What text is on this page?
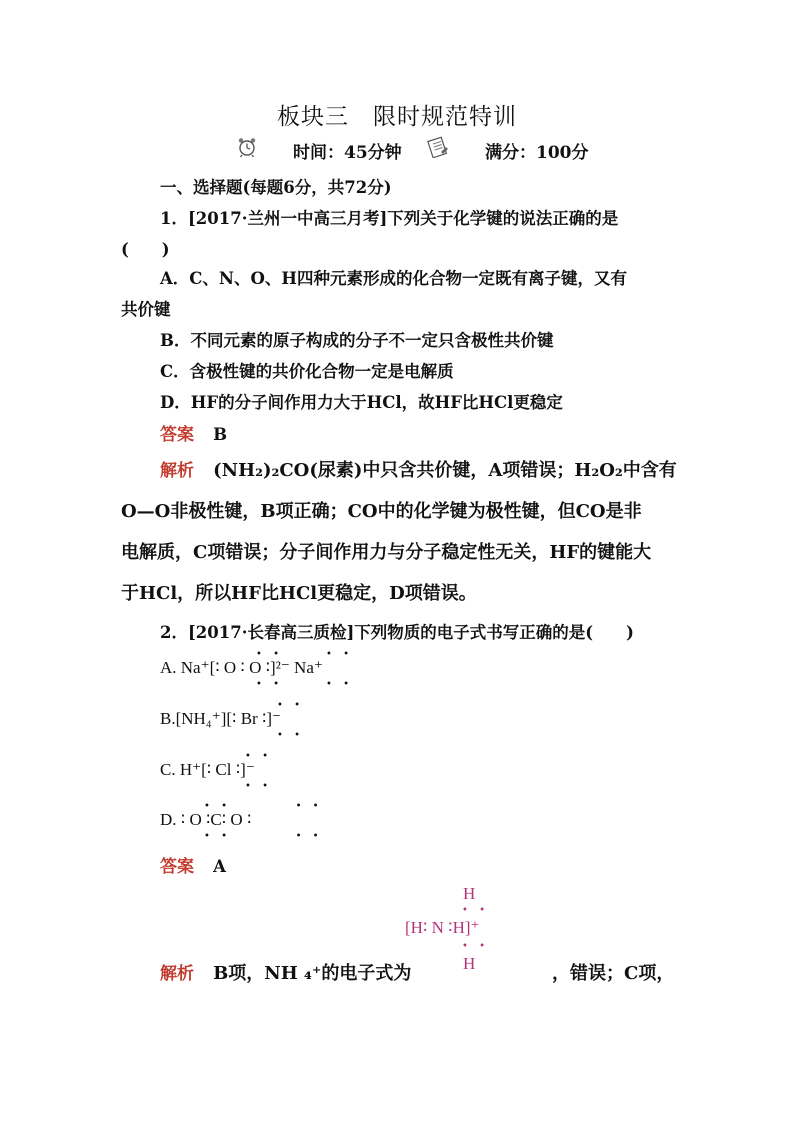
板块三　限时规范特训
时间：45分钟	满分：100分
一、选择题(每题6分，共72分)
1．[2017·兰州一中高三月考]下列关于化学键的说法正确的是
(　　)
A．C、N、O、H四种元素形成的化合物一定既有离子键，又有
共价键
B．不同元素的原子构成的分子不一定只含极性共价键
C．含极性键的共价化合物一定是电解质
D．HF的分子间作用力大于HCl，故HF比HCl更稳定
答案 B
解析 (NH₂)₂CO(尿素)中只含共价键，A项错误；H₂O₂中含有
O—O非极性键，B项正确；CO中的化学键为极性键，但CO是非
电解质，C项错误；分子间作用力与分子稳定性无关，HF的键能大
于HCl，所以HF比HCl更稳定，D项错误。
2．[2017·长春高三质检]下列物质的电子式书写正确的是(　　)
A. Na⁺[∶ O ∶ O ∶]²⁻ Na⁺
• •      • •
• •      • •
B.[NH₄⁺][∶ Br ∶]⁻
• •
• •
C. H⁺[∶ Cl ∶]⁻
• •
• •
D. ∶ O ∶C∶ O ∶
• •         • •
• •         • •
答案 A
H
• •
[H∶ N ∶H]⁺
• •
H
解析 B项，NH ₄⁺的电子式为	，错误；C项，
